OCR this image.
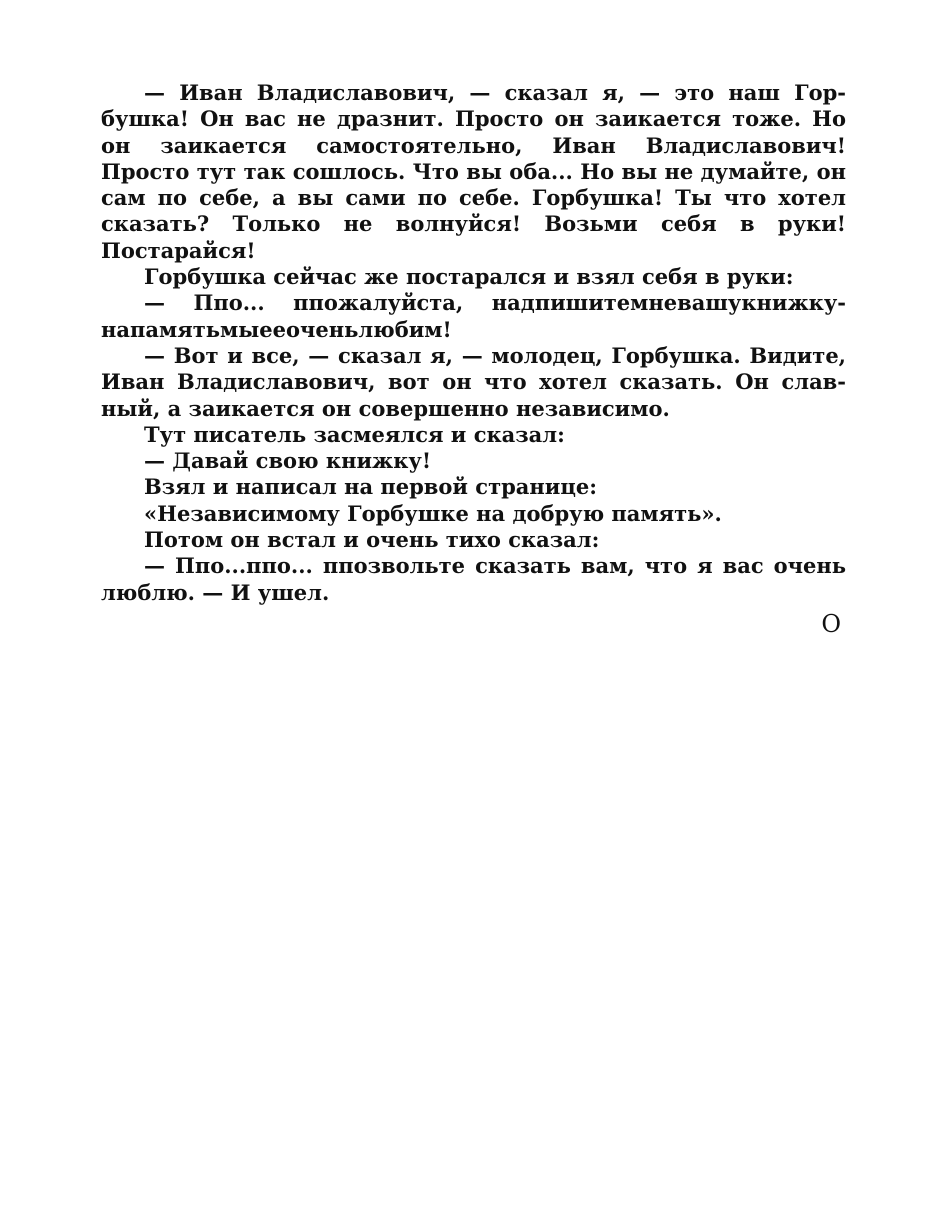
— Иван Владиславович, — сказал я, — это наш Горбушка! Он вас не дразнит. Просто он заикается тоже. Но он заикается самостоятельно, Иван Владиславович! Просто тут так сошлось. Что вы оба... Но вы не думайте, он сам по себе, а вы сами по себе. Горбушка! Ты что хотел сказать? Только не волнуйся! Возьми себя в руки! Постарайся!

Горбушка сейчас же постарался и взял себя в руки:

— Ппо... ппожалуйста, надпишитемневашукнижкунапамятьмыееоченьлюбим!

— Вот и все, — сказал я, — молодец, Горбушка. Видите, Иван Владиславович, вот он что хотел сказать. Он славный, а заикается он совершенно независимо.

Тут писатель засмеялся и сказал:

— Давай свою книжку!

Взял и написал на первой странице:

«Независимому Горбушке на добрую память».

Потом он встал и очень тихо сказал:

— Ппо...ппо... ппозвольте сказать вам, что я вас очень люблю. — И ушел.

О
